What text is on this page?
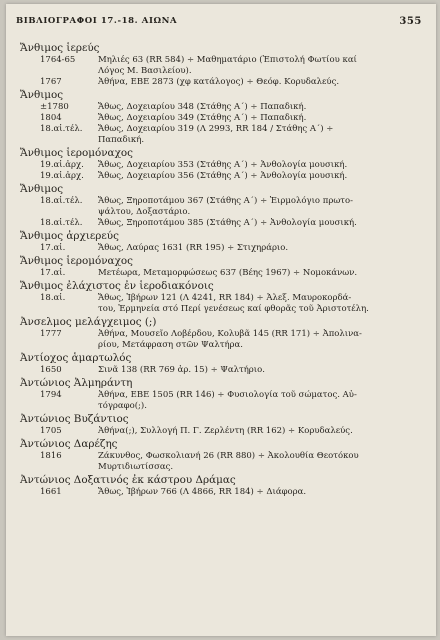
ΒΙΒΛΙΟΓΡΑΦΟΙ 17.-18. ΑΙΩΝΑ	355
Ἄνθιμος ἱερεύς
1764-65	Μηλιές 63 (RR 584) ÷ Μαθηματάριο (Ἐπιστολή Φωτίου καί
Λόγος Μ. Βασιλείου).
1767	Ἀθήνα, ΕΒΕ 2873 (χφ κατάλογος) ÷ Θεόφ. Κορυδαλεύς.
Ἄνθιμος
±1780	Ἄθως, Δοχειαρίου 348 (Στάθης Α΄) ÷ Παπαδική.
1804	Ἄθως, Δοχειαρίου 349 (Στάθης Α΄) ÷ Παπαδική.
18.αἰ.τέλ.	Ἄθως, Δοχειαρίου 319 (Λ 2993, RR 184 / Στάθης Α΄) ÷
Παπαδική.
Ἄνθιμος ἱερομόναχος
19.αἰ.ἀρχ.	Ἄθως, Δοχειαρίου 353 (Στάθης Α΄) ÷ Ἀνθολογία μουσική.
19.αἰ.ἀρχ.	Ἄθως, Δοχειαρίου 356 (Στάθης Α΄) ÷ Ἀνθολογία μουσική.
Ἄνθιμος
18.αἰ.τέλ.	Ἄθως, Ξηροποτάμου 367 (Στάθης Α΄) ÷ Ἑιρμολόγιο πρωτο-
ψάλτου, Δοξαστάριο.
18.αἰ.τέλ.	Ἄθως, Ξηροποτάμου 385 (Στάθης Α΄) ÷ Ἀνθολογία μουσική.
Ἄνθιμος ἀρχιερεύς
17.αἰ.	Ἄθως, Λαύρας 1631 (RR 195) ÷ Στιχηράριο.
Ἄνθιμος ἱερομόναχος
17.αἰ.	Μετέωρα, Μεταμορφώσεως 637 (Βέης 1967) ÷ Νομοκάνων.
Ἄνθιμος ἐλάχιστος ἐν ἱεροδιακόνοις
18.αἰ.	Ἄθως, Ἰβήρων 121 (Λ 4241, RR 184) ÷ Ἀλεξ. Μαυροκορδά-
του, Ἑρμηνεία στό Περί γενέσεως καί φθορᾶς τοῦ Ἀριστοτέλη.
Ἀνσελμος μελάγχειμος (;)
1777	Ἀθήνα, Μουσεῖο Λοβέρδου, Κολυβᾶ 145 (RR 171) ÷ Ἀπολινα-
ρίου, Μετάφραση στῶν Ψαλτήρα.
Ἀντίοχος ἁμαρτωλός
1650	Σινᾶ 138 (RR 769 ἀρ. 15) ÷ Ψαλτήριο.
Ἀντώνιος Ἀλμηράντη
1794	Ἀθήνα, ΕΒΕ 1505 (RR 146) ÷ Φυσιολογία τοῦ σώματος. Αὐ-
τόγραφο(;).
Ἀντώνιος Βυζάντιος
1705	Ἀθήνα(;), Συλλογή Π. Γ. Ζερλέντη (RR 162) ÷ Κορυδαλεύς.
Ἀντώνιος Δαρέζης
1816	Ζάκυνθος, Φωσκολιανή 26 (RR 880) ÷ Ἀκολουθία Θεοτόκου
Μυρτιδιωτίσσας.
Ἀντώνιος Δοξατινός ἐκ κάστρου Δράμας
1661	Ἄθως, Ἰβήρων 766 (Λ 4866, RR 184) ÷ Διάφορα.
